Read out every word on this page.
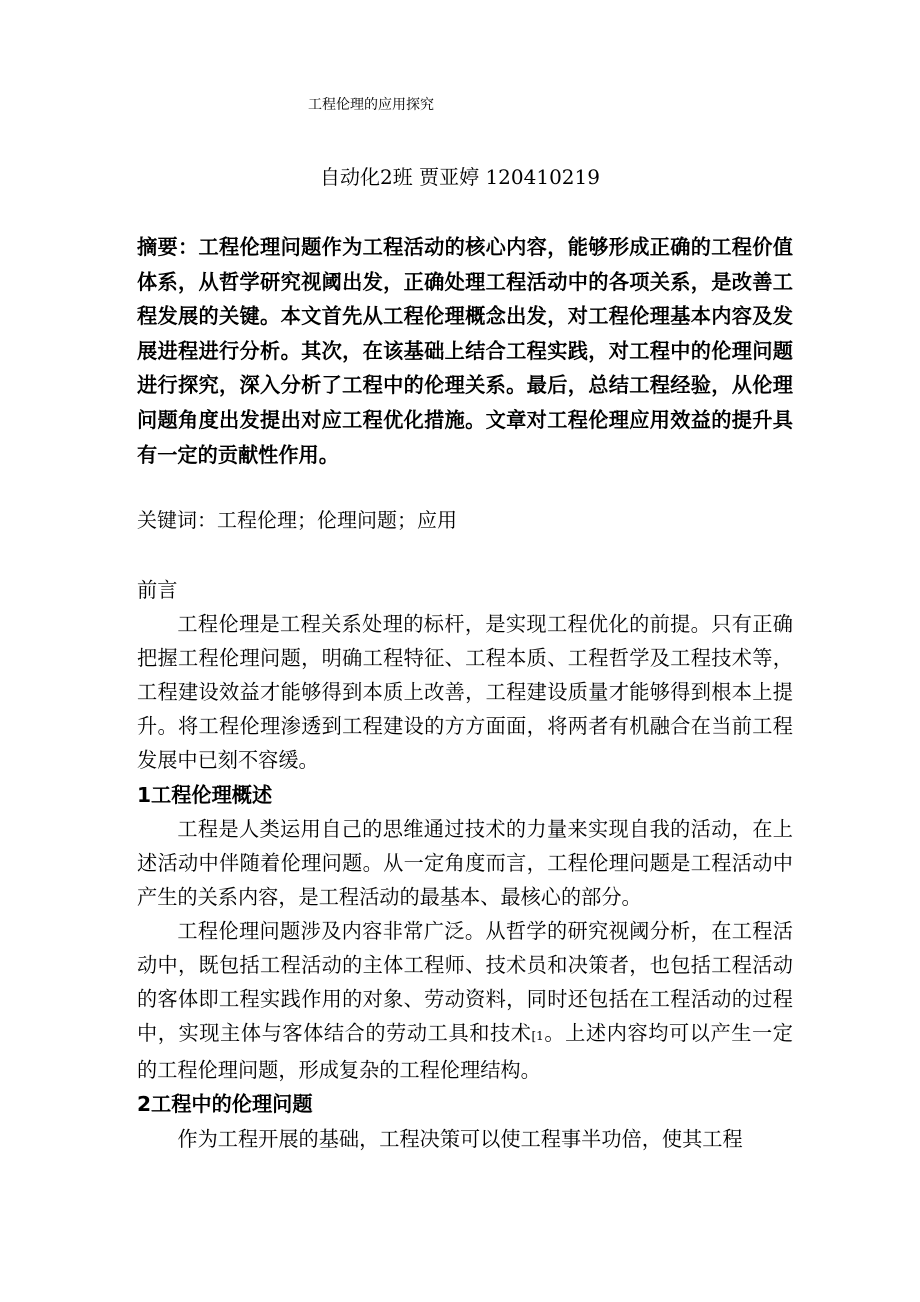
工程伦理的应用探究
自动化2班 贾亚婷 120410219
摘要：工程伦理问题作为工程活动的核心内容，能够形成正确的工程价值体系，从哲学研究视阈出发，正确处理工程活动中的各项关系，是改善工程发展的关键。本文首先从工程伦理概念出发，对工程伦理基本内容及发展进程进行分析。其次，在该基础上结合工程实践，对工程中的伦理问题进行探究，深入分析了工程中的伦理关系。最后，总结工程经验，从伦理问题角度出发提出对应工程优化措施。文章对工程伦理应用效益的提升具有一定的贡献性作用。
关键词：工程伦理；伦理问题；应用
前言

工程伦理是工程关系处理的标杆，是实现工程优化的前提。只有正确把握工程伦理问题，明确工程特征、工程本质、工程哲学及工程技术等，工程建设效益才能够得到本质上改善，工程建设质量才能够得到根本上提升。将工程伦理渗透到工程建设的方方面面，将两者有机融合在当前工程发展中已刻不容缓。

1工程伦理概述

工程是人类运用自己的思维通过技术的力量来实现自我的活动，在上述活动中伴随着伦理问题。从一定角度而言，工程伦理问题是工程活动中产生的关系内容，是工程活动的最基本、最核心的部分。

工程伦理问题涉及内容非常广泛。从哲学的研究视阈分析，在工程活动中，既包括工程活动的主体工程师、技术员和决策者，也包括工程活动的客体即工程实践作用的对象、劳动资料，同时还包括在工程活动的过程中，实现主体与客体结合的劳动工具和技术[1。上述内容均可以产生一定的工程伦理问题，形成复杂的工程伦理结构。

2工程中的伦理问题

作为工程开展的基础，工程决策可以使工程事半功倍，使其工程
